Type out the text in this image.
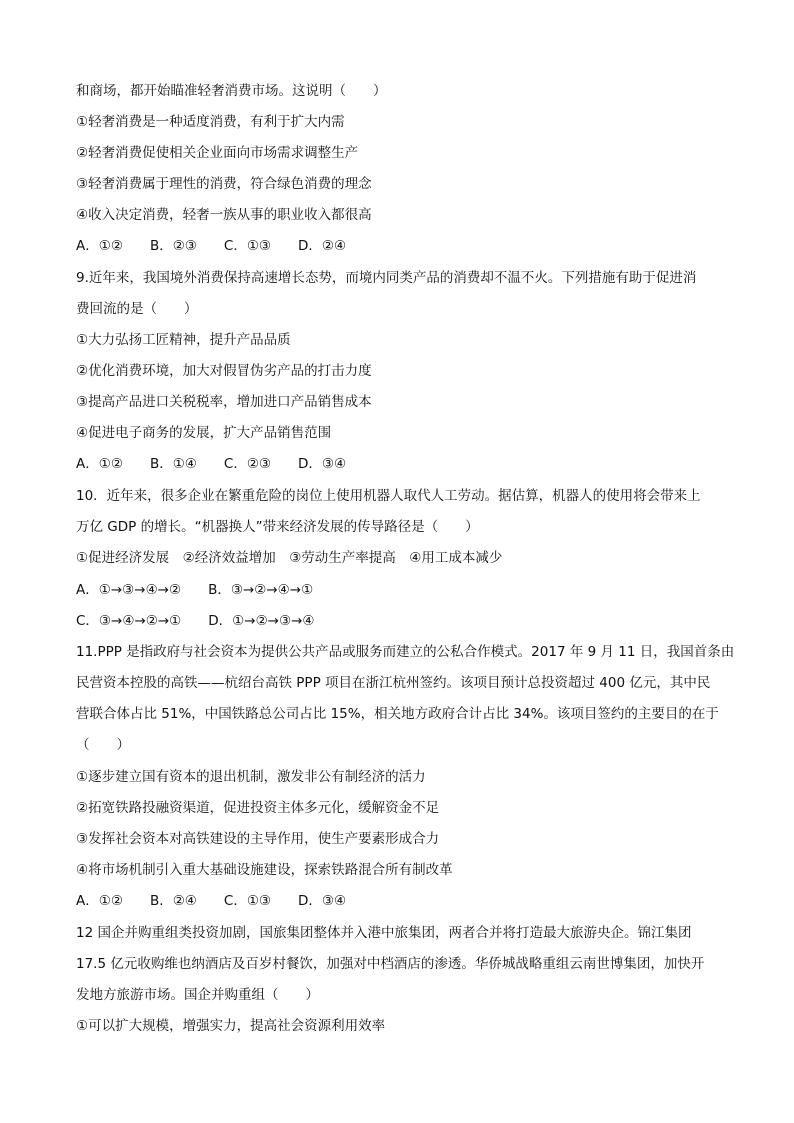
和商场，都开始瞄准轻奢消费市场。这说明（　　）
①轻奢消费是一种适度消费，有利于扩大内需
②轻奢消费促使相关企业面向市场需求调整生产
③轻奢消费属于理性的消费，符合绿色消费的理念
④收入决定消费，轻奢一族从事的职业收入都很高
A．①②　　B．②③　　C．①③　　D．②④
9.近年来，我国境外消费保持高速增长态势，而境内同类产品的消费却不温不火。下列措施有助于促进消
费回流的是（　　）
①大力弘扬工匠精神，提升产品品质
②优化消费环境，加大对假冒伪劣产品的打击力度
③提高产品进口关税税率，增加进口产品销售成本
④促进电子商务的发展，扩大产品销售范围
A．①②　　B．①④　　C．②③　　D．③④
10．近年来，很多企业在繁重危险的岗位上使用机器人取代人工劳动。据估算，机器人的使用将会带来上
万亿 GDP 的增长。“机器换人”带来经济发展的传导路径是（　　）
①促进经济发展　②经济效益增加　③劳动生产率提高　④用工成本减少
A．①→③→④→②　　B．③→②→④→①
C．③→④→②→①　　D．①→②→③→④
11.PPP 是指政府与社会资本为提供公共产品或服务而建立的公私合作模式。2017 年 9 月 11 日，我国首条由
民营资本控股的高铁——杭绍台高铁 PPP 项目在浙江杭州签约。该项目预计总投资超过 400 亿元，其中民
营联合体占比 51%，中国铁路总公司占比 15%，相关地方政府合计占比 34%。该项目签约的主要目的在于
（　　）
①逐步建立国有资本的退出机制，激发非公有制经济的活力
②拓宽铁路投融资渠道，促进投资主体多元化，缓解资金不足
③发挥社会资本对高铁建设的主导作用，使生产要素形成合力
④将市场机制引入重大基础设施建设，探索铁路混合所有制改革
A．①②　　B．②④　　C．①③　　D．③④
12 国企并购重组类投资加剧，国旅集团整体并入港中旅集团，两者合并将打造最大旅游央企。锦江集团
17.5 亿元收购维也纳酒店及百岁村餐饮，加强对中档酒店的渗透。华侨城战略重组云南世博集团，加快开
发地方旅游市场。国企并购重组（　　）
①可以扩大规模，增强实力，提高社会资源利用效率
